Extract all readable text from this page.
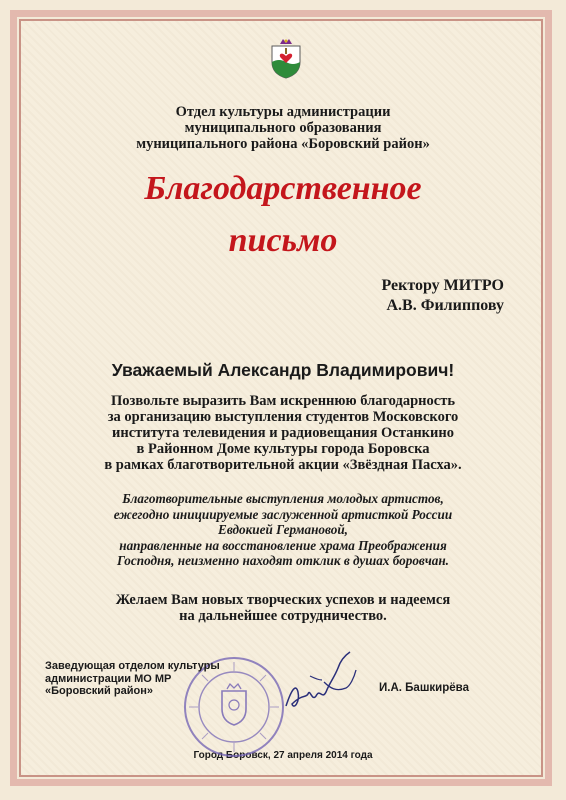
Отдел культуры администрации
муниципального образования
муниципального района «Боровский район»
Благодарственное
письмо
Ректору МИТРО
А.В. Филиппову
Уважаемый Александр Владимирович!
Позвольте выразить Вам искреннюю благодарность
за организацию выступления студентов Московского
института телевидения и радиовещания Останкино
в Районном Доме культуры города Боровска
в рамках благотворительной акции «Звёздная Пасха».
Благотворительные выступления молодых артистов,
ежегодно инициируемые заслуженной артисткой России
Евдокией Германовой,
направленные на восстановление храма Преображения
Господня, неизменно находят отклик в душах боровчан.
Желаем Вам новых творческих успехов и надеемся
на дальнейшее сотрудничество.
Заведующая отделом культуры
администрации МО МР
«Боровский район»	И.А. Башкирёва
Город Боровск, 27 апреля 2014 года
